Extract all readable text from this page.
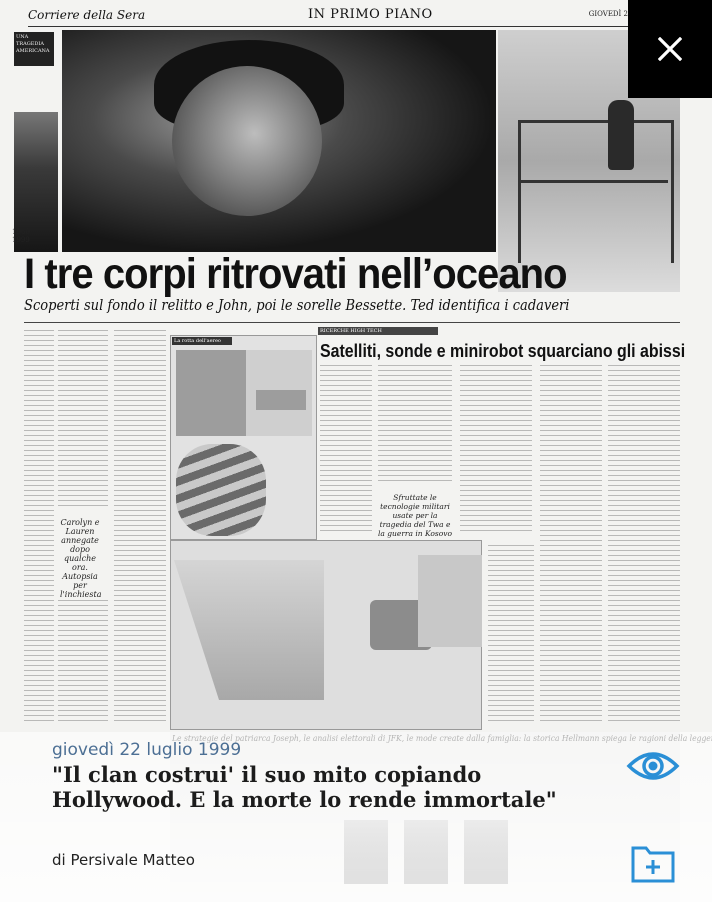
Corriere della Sera	IN PRIMO PIANO	GIOVEDÌ 2
UNA TRAGEDIA AMERICANA
1960
1999
I tre corpi ritrovati nell’oceano
Scoperti sul fondo il relitto e John, poi le sorelle Bessette. Ted identifica i cadaveri
Carolyn e Lauren annegate dopo qualche ora. Autopsia per l'inchiesta
La rotta dell'aereo
RICERCHE HIGH TECH
Satelliti, sonde e minirobot squarciano gli abissi
Sfruttate le tecnologie militari usate per la tragedia del Twa e la guerra in Kosovo
giovedì 22 luglio 1999
"Il clan costrui' il suo mito copiando Hollywood. E la morte lo rende immortale"
di Persivale Matteo
